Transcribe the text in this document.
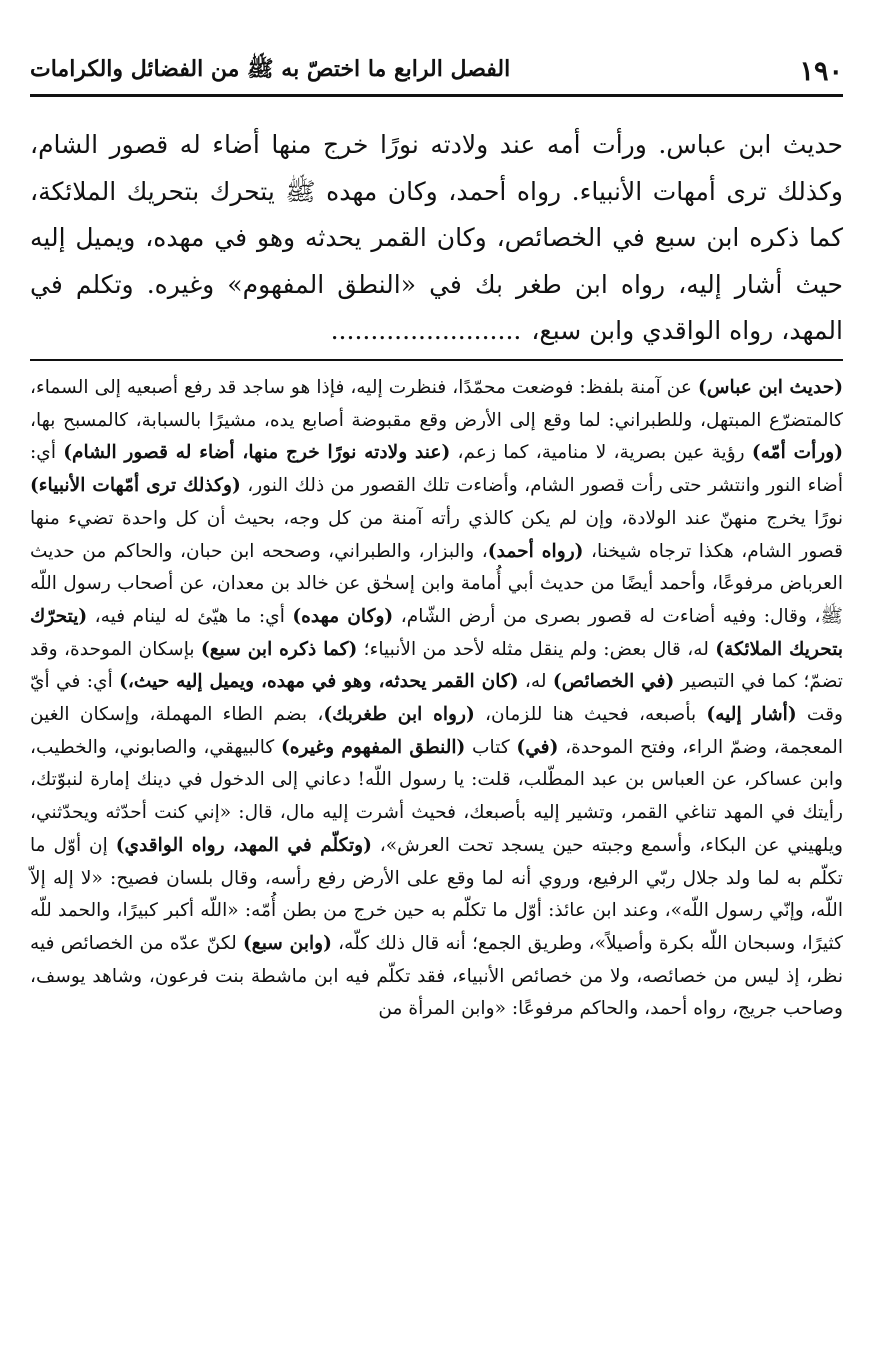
١٩٠
الفصل الرابع ما اختصّ به ﷺ من الفضائل والكرامات

حديث ابن عباس. ورأت أمه عند ولادته نورًا خرج منها أضاء له قصور الشام، وكذلك ترى أمهات الأنبياء. رواه أحمد، وكان مهده ﷺ يتحرك بتحريك الملائكة، كما ذكره ابن سبع في الخصائص، وكان القمر يحدثه وهو في مهده، ويميل إليه حيث أشار إليه، رواه ابن طغر بك في «النطق المفهوم» وغيره. وتكلم في المهد، رواه الواقدي وابن سبع،........................

(حديث ابن عباس) عن آمنة بلفظ: فوضعت محمّدًا، فنظرت إليه، فإذا هو ساجد قد رفع أصبعيه إلى السماء، كالمتضرّع المبتهل، وللطبراني: لما وقع إلى الأرض وقع مقبوضة أصابع يده، مشيرًا بالسبابة، كالمسبح بها، (ورأت أمّه) رؤية عين بصرية، لا منامية، كما زعم، (عند ولادته نورًا خرج منها، أضاء له قصور الشام) أي: أضاء النور وانتشر حتى رأت قصور الشام، وأضاءت تلك القصور من ذلك النور، (وكذلك ترى أمّهات الأنبياء) نورًا يخرج منهنّ عند الولادة، وإن لم يكن كالذي رأته آمنة من كل وجه، بحيث أن كل واحدة تضيء منها قصور الشام، هكذا ترجاه شيخنا، (رواه أحمد)، والبزار، والطبراني، وصححه ابن حبان، والحاكم من حديث العرباض مرفوعًا، وأحمد أيضًا من حديث أبي أُمامة وابن إسحٰق عن خالد بن معدان، عن أصحاب رسول اللّه ﷺ، وقال: وفيه أضاءت له قصور بصرى من أرض الشّام، (وكان مهده) أي: ما هيّئ له لينام فيه، (يتحرّك بتحريك الملائكة) له، قال بعض: ولم ينقل مثله لأحد من الأنبياء؛ (كما ذكره ابن سبع) بإسكان الموحدة، وقد تضمّ؛ كما في التبصير (في الخصائص) له، (كان القمر يحدثه، وهو في مهده، ويميل إليه حيث،) أي: في أيّ وقت (أشار إليه) بأصبعه، فحيث هنا للزمان، (رواه ابن طغربك)، بضم الطاء المهملة، وإسكان الغين المعجمة، وضمّ الراء، وفتح الموحدة، (في) كتاب (النطق المفهوم وغيره) كالبيهقي، والصابوني، والخطيب، وابن عساكر، عن العباس بن عبد المطّلب، قلت: يا رسول اللّه! دعاني إلى الدخول في دينك إمارة لنبوّتك، رأيتك في المهد تناغي القمر، وتشير إليه بأصبعك، فحيث أشرت إليه مال، قال: «إني كنت أحدّثه ويحدّثني، ويلهيني عن البكاء، وأسمع وجبته حين يسجد تحت العرش»، (وتكلّم في المهد، رواه الواقدي) إن أوّل ما تكلّم به لما ولد جلال ربّي الرفيع، وروي أنه لما وقع على الأرض رفع رأسه، وقال بلسان فصيح: «لا إله إلاّ اللّه، وإنّي رسول اللّه»، وعند ابن عائذ: أوّل ما تكلّم به حين خرج من بطن أُمّه: «اللّه أكبر كبيرًا، والحمد للّه كثيرًا، وسبحان اللّه بكرة وأصيلاً»، وطريق الجمع؛ أنه قال ذلك كلّه، (وابن سبع) لكنّ عدّه من الخصائص فيه نظر، إذ ليس من خصائصه، ولا من خصائص الأنبياء، فقد تكلّم فيه ابن ماشطة بنت فرعون، وشاهد يوسف، وصاحب جريج، رواه أحمد، والحاكم مرفوعًا: «وابن المرأة من
